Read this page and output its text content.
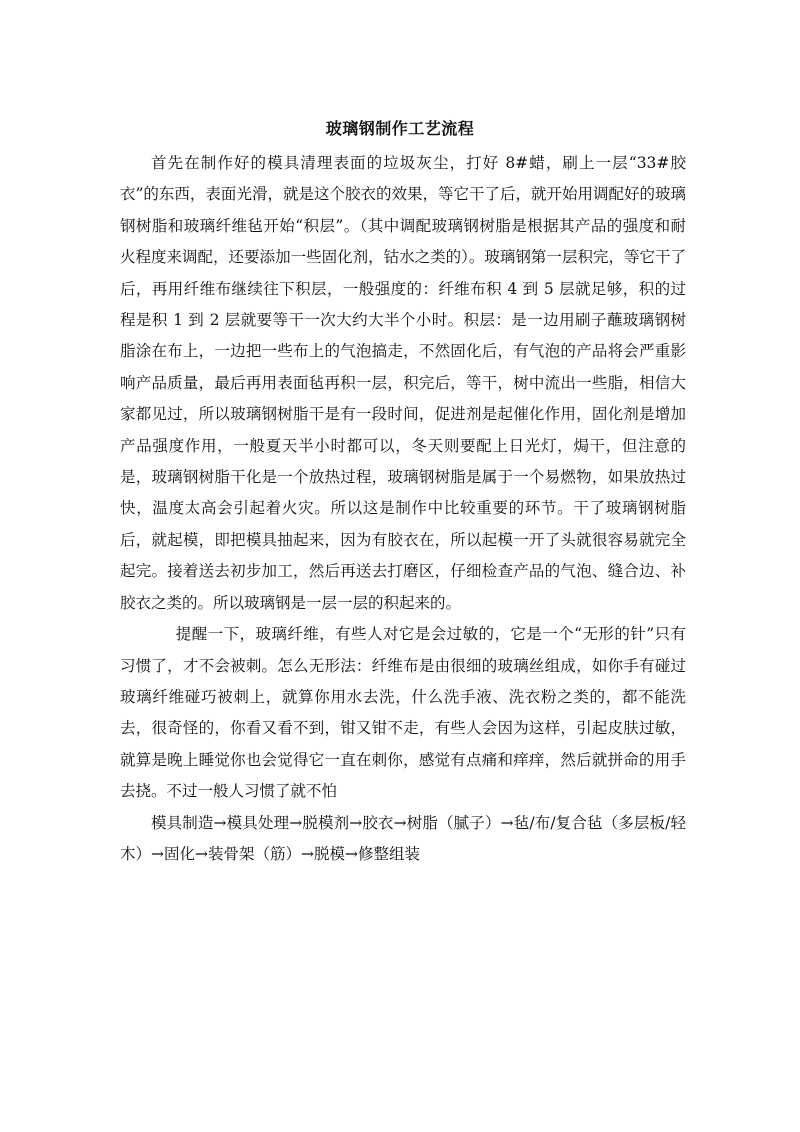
玻璃钢制作工艺流程

首先在制作好的模具清理表面的垃圾灰尘，打好 8#蜡，刷上一层“33#胶衣”的东西，表面光滑，就是这个胶衣的效果，等它干了后，就开始用调配好的玻璃钢树脂和玻璃纤维毡开始“积层”。（其中调配玻璃钢树脂是根据其产品的强度和耐火程度来调配，还要添加一些固化剂，钴水之类的）。玻璃钢第一层积完，等它干了后，再用纤维布继续往下积层，一般强度的：纤维布积 4 到 5 层就足够，积的过程是积 1 到 2 层就要等干一次大约大半个小时。积层：是一边用刷子蘸玻璃钢树脂涂在布上，一边把一些布上的气泡搞走，不然固化后，有气泡的产品将会严重影响产品质量，最后再用表面毡再积一层，积完后，等干，树中流出一些脂，相信大家都见过，所以玻璃钢树脂干是有一段时间，促进剂是起催化作用，固化剂是增加产品强度作用，一般夏天半小时都可以，冬天则要配上日光灯，焗干，但注意的是，玻璃钢树脂干化是一个放热过程，玻璃钢树脂是属于一个易燃物，如果放热过快，温度太高会引起着火灾。所以这是制作中比较重要的环节。干了玻璃钢树脂后，就起模，即把模具抽起来，因为有胶衣在，所以起模一开了头就很容易就完全起完。接着送去初步加工，然后再送去打磨区，仔细检查产品的气泡、缝合边、补胶衣之类的。所以玻璃钢是一层一层的积起来的。

提醒一下，玻璃纤维，有些人对它是会过敏的，它是一个“无形的针”只有习惯了，才不会被刺。怎么无形法：纤维布是由很细的玻璃丝组成，如你手有碰过玻璃纤维碰巧被刺上，就算你用水去洗，什么洗手液、洗衣粉之类的，都不能洗去，很奇怪的，你看又看不到，钳又钳不走，有些人会因为这样，引起皮肤过敏，就算是晚上睡觉你也会觉得它一直在刺你，感觉有点痛和痒痒，然后就拼命的用手去挠。不过一般人习惯了就不怕

模具制造→模具处理→脱模剂→胶衣→树脂（腻子）→毡/布/复合毡（多层板/轻木）→固化→装骨架（筋）→脱模→修整组装
